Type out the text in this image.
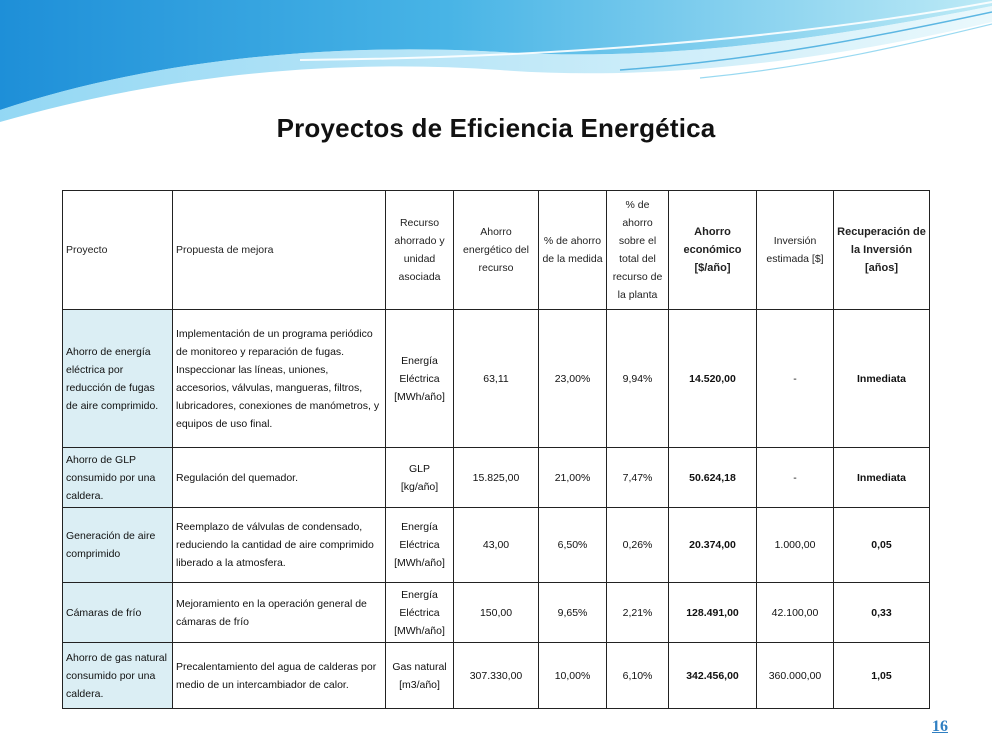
Proyectos de Eficiencia Energética
Proyecto	Propuesta de mejora	Recurso ahorrado y unidad asociada	Ahorro energético del recurso	% de ahorro de la medida	% de ahorro sobre el total del recurso de la planta	Ahorro económico [$/año]	Inversión estimada [$]	Recuperación de la Inversión [años]
Ahorro de energía eléctrica por reducción de fugas de aire comprimido.	Implementación de un programa periódico de monitoreo y reparación de fugas. Inspeccionar las líneas, uniones, accesorios, válvulas, mangueras, filtros, lubricadores, conexiones de manómetros, y equipos de uso final.	Energía Eléctrica [MWh/año]	63,11	23,00%	9,94%	14.520,00	-	Inmediata
Ahorro de GLP consumido por una caldera.	Regulación del quemador.	GLP [kg/año]	15.825,00	21,00%	7,47%	50.624,18	-	Inmediata
Generación de aire comprimido	Reemplazo de válvulas de condensado, reduciendo la cantidad de aire comprimido liberado a la atmosfera.	Energía Eléctrica [MWh/año]	43,00	6,50%	0,26%	20.374,00	1.000,00	0,05
Cámaras de frío	Mejoramiento en la operación general de cámaras de frío	Energía Eléctrica [MWh/año]	150,00	9,65%	2,21%	128.491,00	42.100,00	0,33
Ahorro de gas natural consumido por una caldera.	Precalentamiento del agua de calderas por medio de un intercambiador de calor.	Gas natural [m3/año]	307.330,00	10,00%	6,10%	342.456,00	360.000,00	1,05
16
